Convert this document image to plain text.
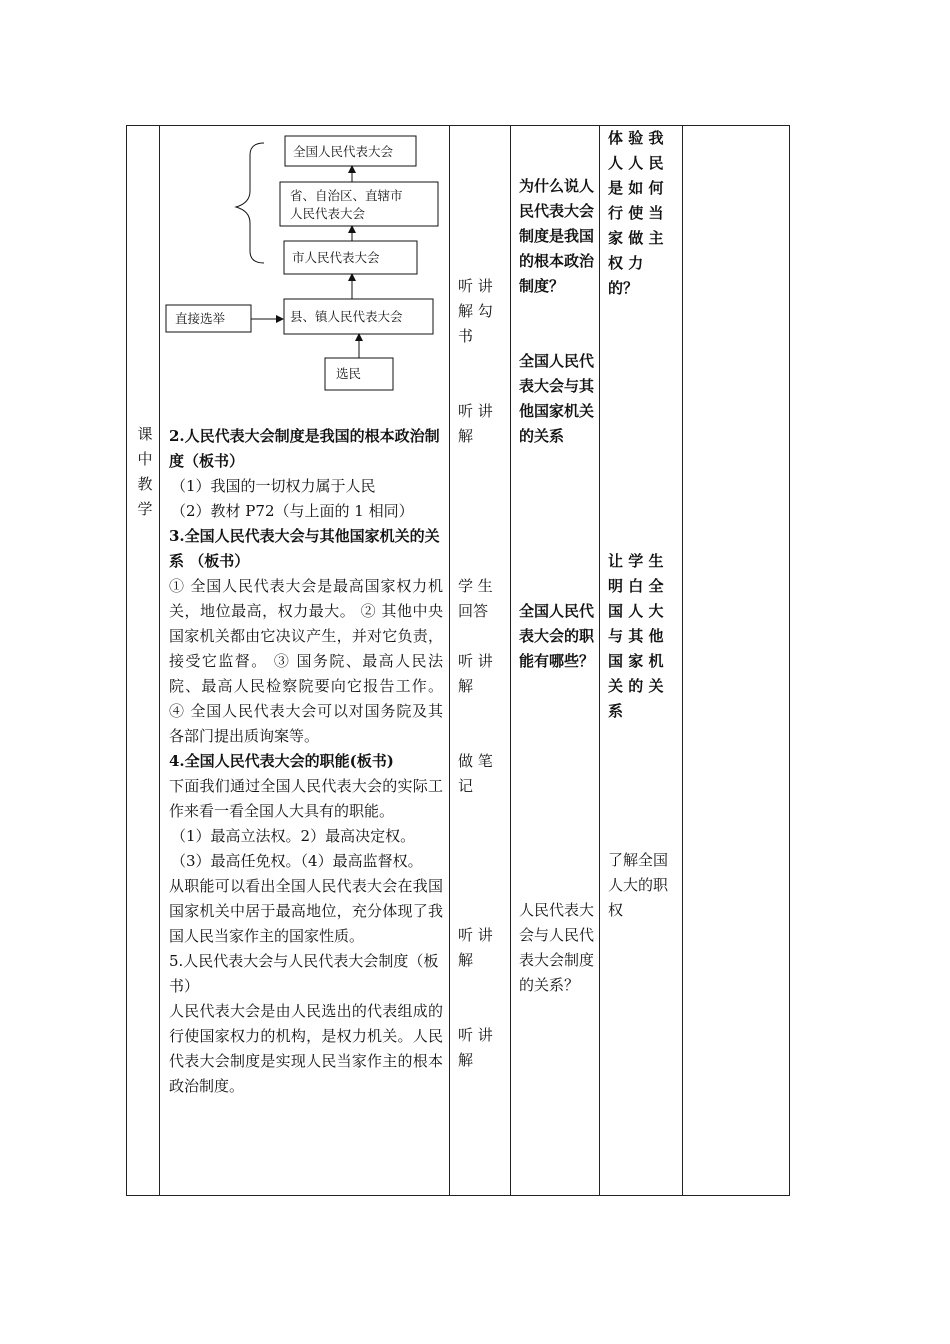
课
中
教
学
全国人民代表大会
省、自治区、直辖市
人民代表大会
市人民代表大会
县、镇人民代表大会
直接选举
选民

2.人民代表大会制度是我国的根本政治制度（板书）

（1）我国的一切权力属于人民

（2）教材 P72（与上面的 1 相同）

3.全国人民代表大会与其他国家机关的关系 （板书）

① 全国人民代表大会是最高国家权力机关，地位最高，权力最大。 ② 其他中央国家机关都由它决议产生，并对它负责，接受它监督。 ③ 国务院、最高人民法院、最高人民检察院要向它报告工作。 ④ 全国人民代表大会可以对国务院及其各部门提出质询案等。

4.全国人民代表大会的职能(板书)

下面我们通过全国人民代表大会的实际工作来看一看全国人大具有的职能。

（1）最高立法权。2）最高决定权。

（3）最高任免权。（4）最高监督权。

从职能可以看出全国人民代表大会在我国国家机关中居于最高地位，充分体现了我国人民当家作主的国家性质。

5.人民代表大会与人民代表大会制度（板书）

人民代表大会是由人民选出的代表组成的行使国家权力的机构，是权力机关。人民代表大会制度是实现人民当家作主的根本政治制度。

听 讲 解 勾书
听 讲 解
学 生 回答
听 讲 解
做 笔 记
听 讲 解
听 讲 解
为什么说人民代表大会制度是我国的根本政治制度？
全国人民代表大会与其他国家机关的关系
全国人民代表大会的职能有哪些？
人民代表大会与人民代表大会制度的关系？
体 验 我 人 人 民 是 如 何 行 使 当 家 做 主 权 力 的？
让 学 生 明 白 全 国 人 大 与 其 他 国 家 机 关 的 关 系
了解全国人大的职权
